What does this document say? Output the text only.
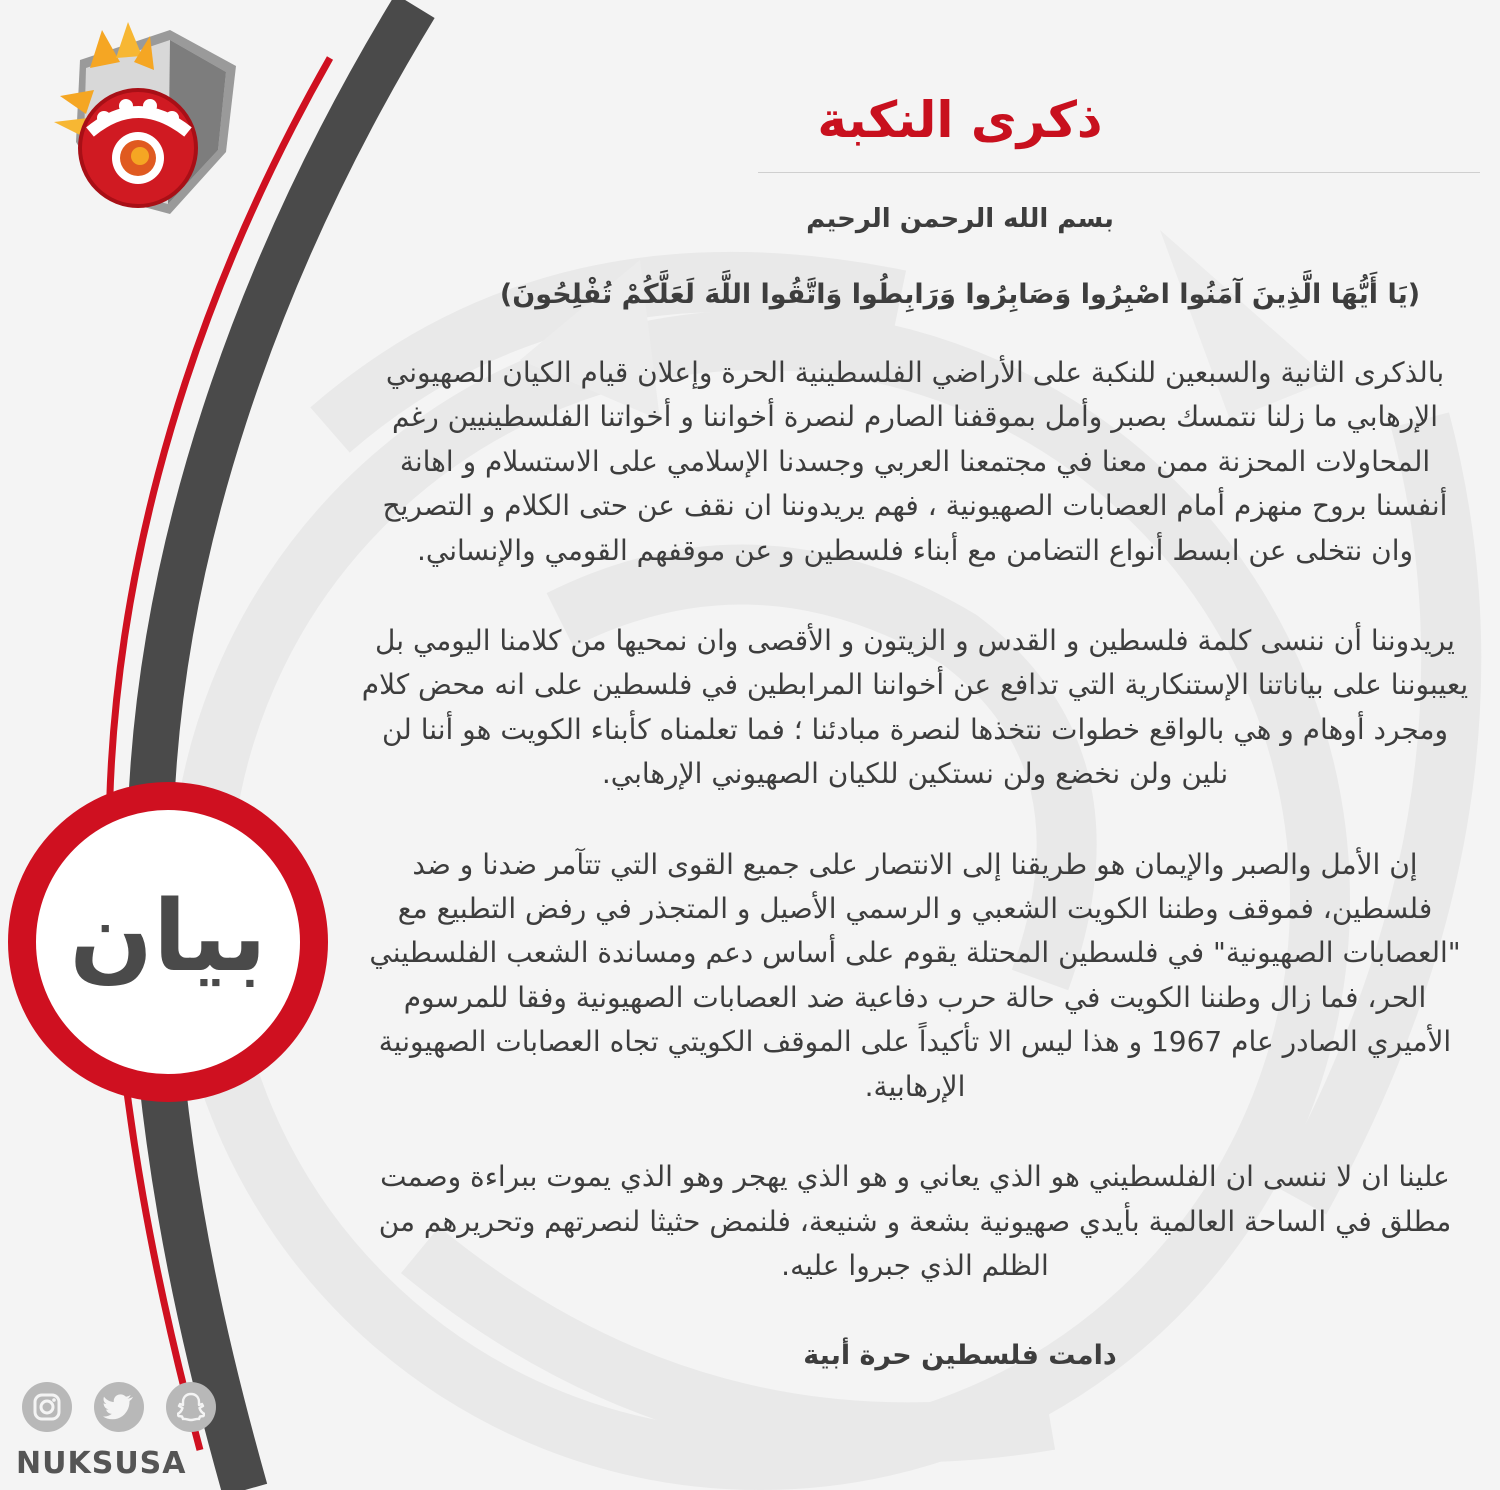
بيان
NUKSUSA
ذكرى النكبة
بسم الله الرحمن الرحيم
(يَا أَيُّهَا الَّذِينَ آمَنُوا اصْبِرُوا وَصَابِرُوا وَرَابِطُوا وَاتَّقُوا اللَّهَ لَعَلَّكُمْ تُفْلِحُونَ)

بالذكرى الثانية والسبعين للنكبة على الأراضي الفلسطينية الحرة وإعلان قيام الكيان الصهيوني الإرهابي ما زلنا نتمسك بصبر وأمل بموقفنا الصارم لنصرة أخواننا و أخواتنا الفلسطينيين رغم المحاولات المحزنة ممن معنا في مجتمعنا العربي وجسدنا الإسلامي على الاستسلام و اهانة أنفسنا بروح منهزم أمام العصابات الصهيونية ، فهم يريدوننا ان نقف عن حتى الكلام و التصريح وان نتخلى عن ابسط أنواع التضامن مع أبناء فلسطين و عن موقفهم القومي والإنساني.

يريدوننا أن ننسى كلمة فلسطين و القدس و الزيتون و الأقصى وان نمحيها من كلامنا اليومي بل يعيبوننا على بياناتنا الإستنكارية التي تدافع عن أخواننا المرابطين في فلسطين على انه محض كلام ومجرد أوهام و هي بالواقع خطوات نتخذها لنصرة مبادئنا ؛ فما تعلمناه كأبناء الكويت هو أننا لن نلين ولن نخضع ولن نستكين للكيان الصهيوني الإرهابي.

إن الأمل والصبر والإيمان هو طريقنا إلى الانتصار على جميع القوى التي تتآمر ضدنا و ضد فلسطين، فموقف وطننا الكويت الشعبي و الرسمي الأصيل و المتجذر في رفض التطبيع مع "العصابات الصهيونية" في فلسطين المحتلة يقوم على أساس دعم ومساندة الشعب الفلسطيني الحر، فما زال وطننا الكويت في حالة حرب دفاعية ضد العصابات الصهيونية وفقا للمرسوم الأميري الصادر عام 1967 و هذا ليس الا تأكيداً على الموقف الكويتي تجاه العصابات الصهيونية الإرهابية.

علينا ان لا ننسى ان الفلسطيني هو الذي يعاني و هو الذي يهجر وهو الذي يموت ببراءة وصمت مطلق في الساحة العالمية بأيدي صهيونية بشعة و شنيعة، فلنمض حثيثا لنصرتهم وتحريرهم من الظلم الذي جبروا عليه.

دامت فلسطين حرة أبية
